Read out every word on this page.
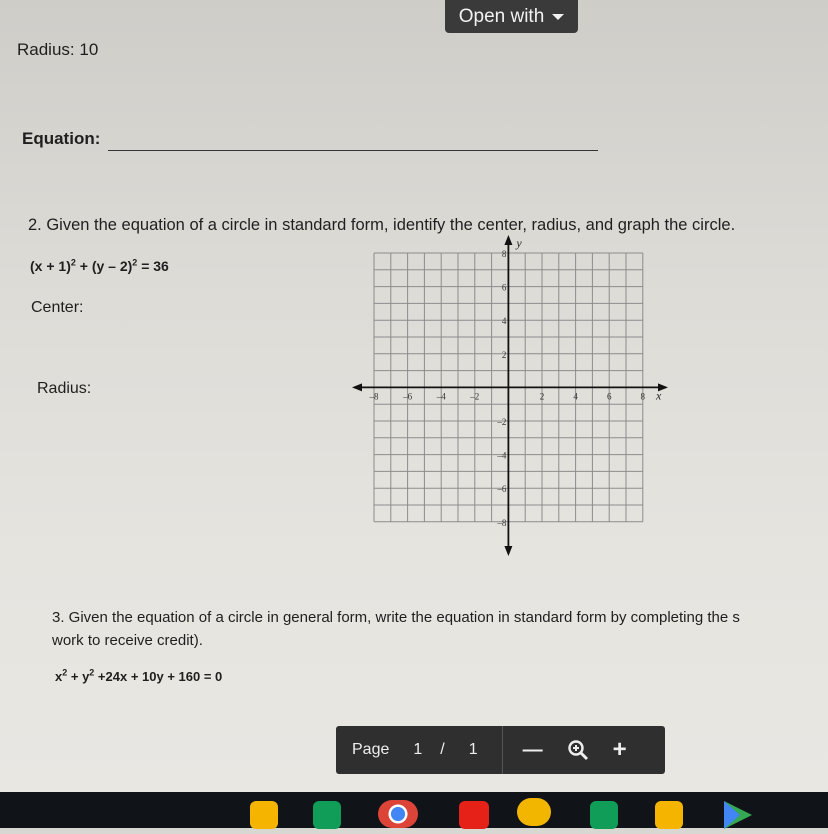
Open with
Radius: 10
Equation:
2. Given the equation of a circle in standard form, identify the center, radius, and graph the circle.
$(x + 1)^2 + (y - 2)^2 = 36$
Center:
Radius:
y
x
–8	–6	–4	–2	2	4	6	8
8
6
4
2
–2
–4
–6
–8
3. Given the equation of a circle in general form, write the equation in standard form by completing the s
work to receive credit).
$x^2 + y^2 +24x + 10y + 160 = 0$
Page 1 / 1 —	+
